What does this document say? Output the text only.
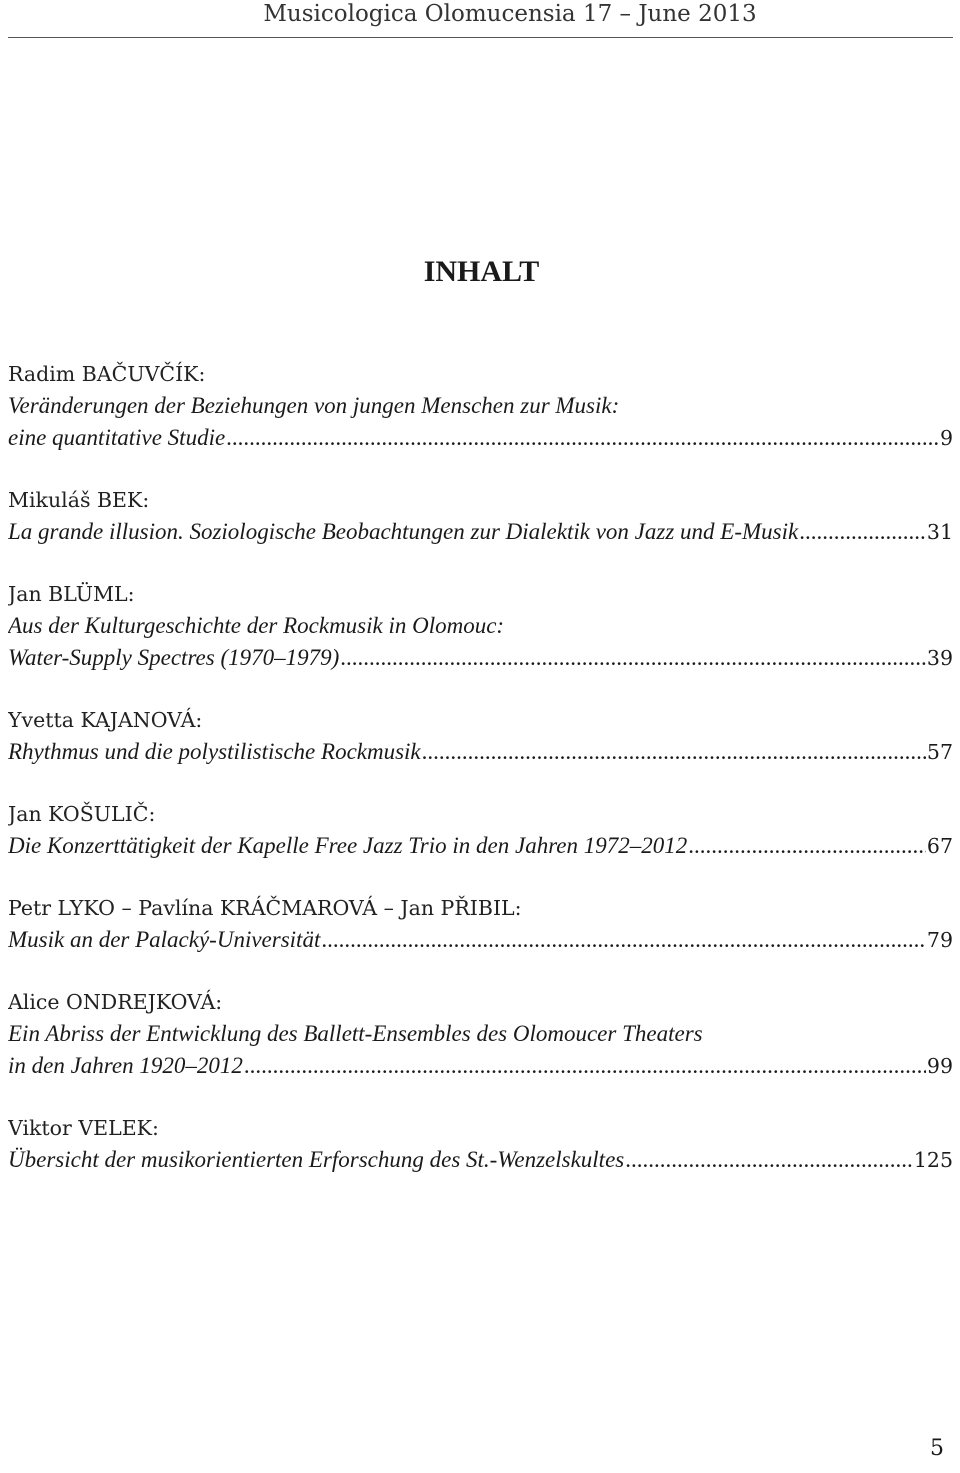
Musicologica Olomucensia 17 – June 2013
INHALT
Radim BAČUVČÍK:
Veränderungen der Beziehungen von jungen Menschen zur Musik:
eine quantitative Studie .....	9
Mikuláš BEK:
La grande illusion. Soziologische Beobachtungen zur Dialektik von Jazz und E-Musik .....	31
Jan BLÜML:
Aus der Kulturgeschichte der Rockmusik in Olomouc:
Water-Supply Spectres (1970–1979) .....	39
Yvetta KAJANOVÁ:
Rhythmus und die polystilistische Rockmusik .....	57
Jan KOŠULIČ:
Die Konzerttätigkeit der Kapelle Free Jazz Trio in den Jahren 1972–2012 .....	67
Petr LYKO – Pavlína KRÁČMAROVÁ – Jan PŘIBIL:
Musik an der Palacký-Universität .....	79
Alice ONDREJKOVÁ:
Ein Abriss der Entwicklung des Ballett-Ensembles des Olomoucer Theaters
in den Jahren 1920–2012 .....	99
Viktor VELEK:
Übersicht der musikorientierten Erforschung des St.-Wenzelskultes .....	125
5
